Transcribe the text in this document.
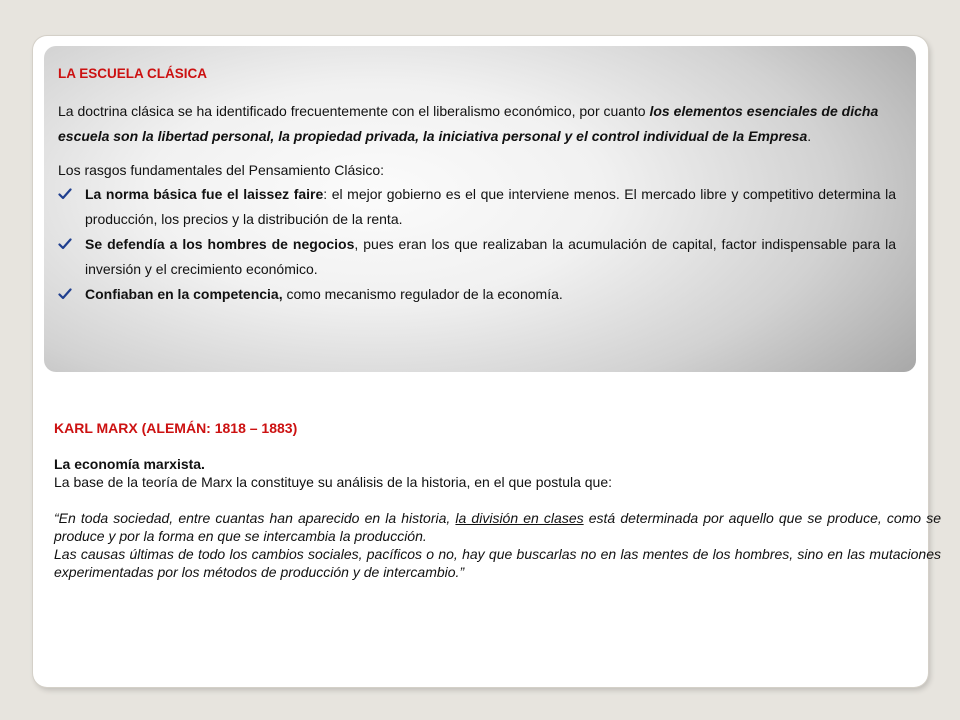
LA ESCUELA CLÁSICA

La doctrina clásica se ha identificado frecuentemente con el liberalismo económico, por cuanto los elementos esenciales de dicha escuela son la libertad personal, la propiedad privada, la iniciativa personal y el control individual de la Empresa.

Los rasgos fundamentales del Pensamiento Clásico:

La norma básica fue el laissez faire: el mejor gobierno es el que interviene menos. El mercado libre y competitivo determina la producción, los precios y la distribución de la renta.
Se defendía a los hombres de negocios, pues eran los que realizaban la acumulación de capital, factor indispensable para la inversión y el crecimiento económico.
Confiaban en la competencia, como mecanismo regulador de la economía.

KARL MARX (ALEMÁN: 1818 – 1883)

La economía marxista.

La base de la teoría de Marx la constituye su análisis de la historia, en el que postula que:

“En toda sociedad, entre cuantas han aparecido en la historia, la división en clases está determinada por aquello que se produce, como se produce y por la forma en que se intercambia la producción.

Las causas últimas de todo los cambios sociales, pacíficos o no, hay que buscarlas no en las mentes de los hombres, sino en las mutaciones experimentadas por los métodos de producción y de intercambio.”
